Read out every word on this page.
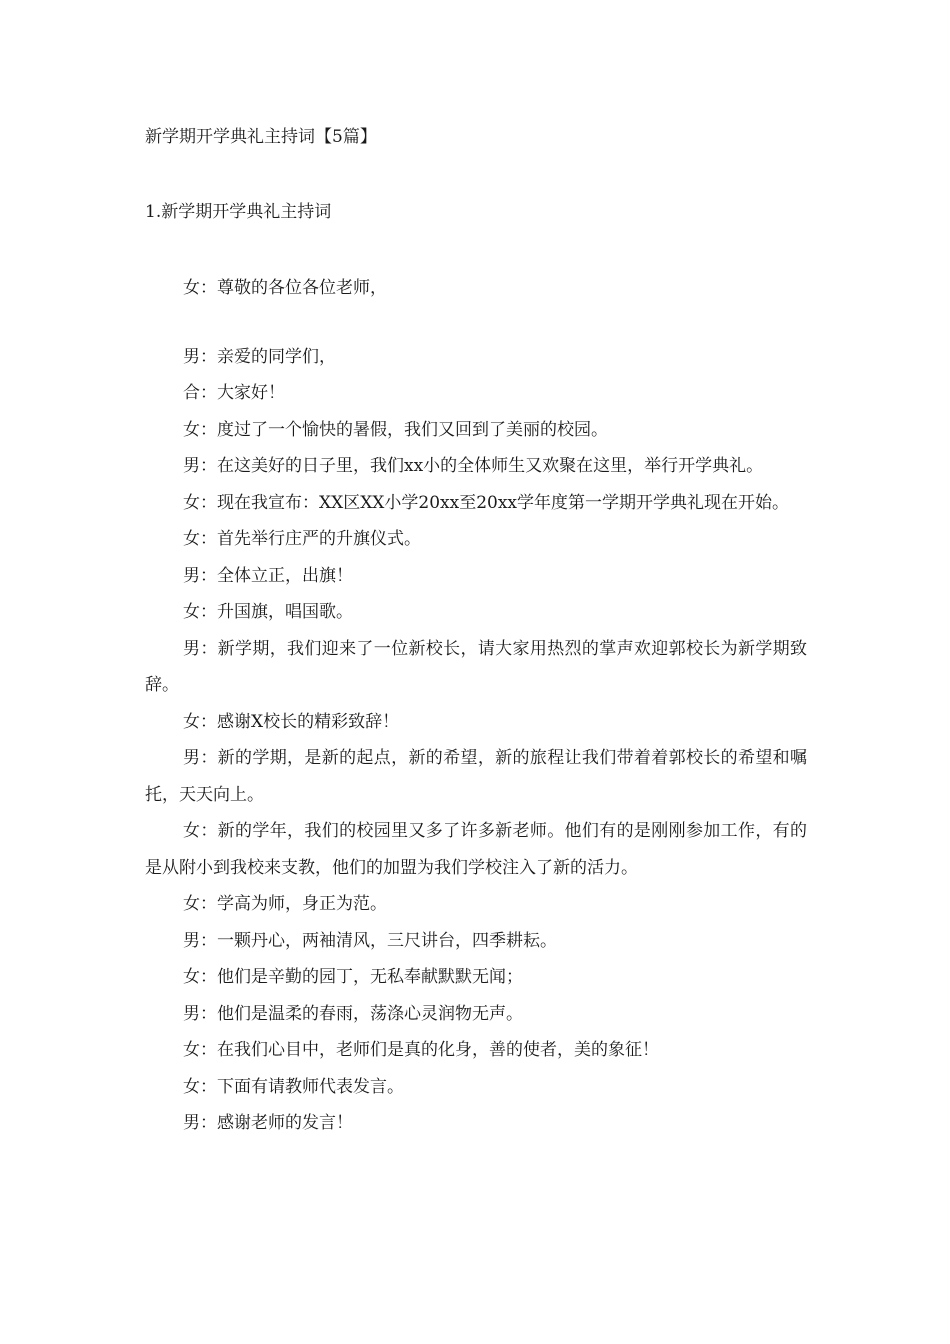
新学期开学典礼主持词【5篇】
1.新学期开学典礼主持词

女：尊敬的各位各位老师，

男：亲爱的同学们，

合：大家好！

女：度过了一个愉快的暑假，我们又回到了美丽的校园。

男：在这美好的日子里，我们xx小的全体师生又欢聚在这里，举行开学典礼。

女：现在我宣布：XX区XX小学20xx至20xx学年度第一学期开学典礼现在开始。

女：首先举行庄严的升旗仪式。

男：全体立正，出旗！

女：升国旗，唱国歌。

男：新学期，我们迎来了一位新校长，请大家用热烈的掌声欢迎郭校长为新学期致辞。

女：感谢X校长的精彩致辞！

男：新的学期，是新的起点，新的希望，新的旅程让我们带着着郭校长的希望和嘱托，天天向上。

女：新的学年，我们的校园里又多了许多新老师。他们有的是刚刚参加工作，有的是从附小到我校来支教，他们的加盟为我们学校注入了新的活力。

女：学高为师，身正为范。

男：一颗丹心，两袖清风，三尺讲台，四季耕耘。

女：他们是辛勤的园丁，无私奉献默默无闻；

男：他们是温柔的春雨，荡涤心灵润物无声。

女：在我们心目中，老师们是真的化身，善的使者，美的象征！

女：下面有请教师代表发言。

男：感谢老师的发言！
